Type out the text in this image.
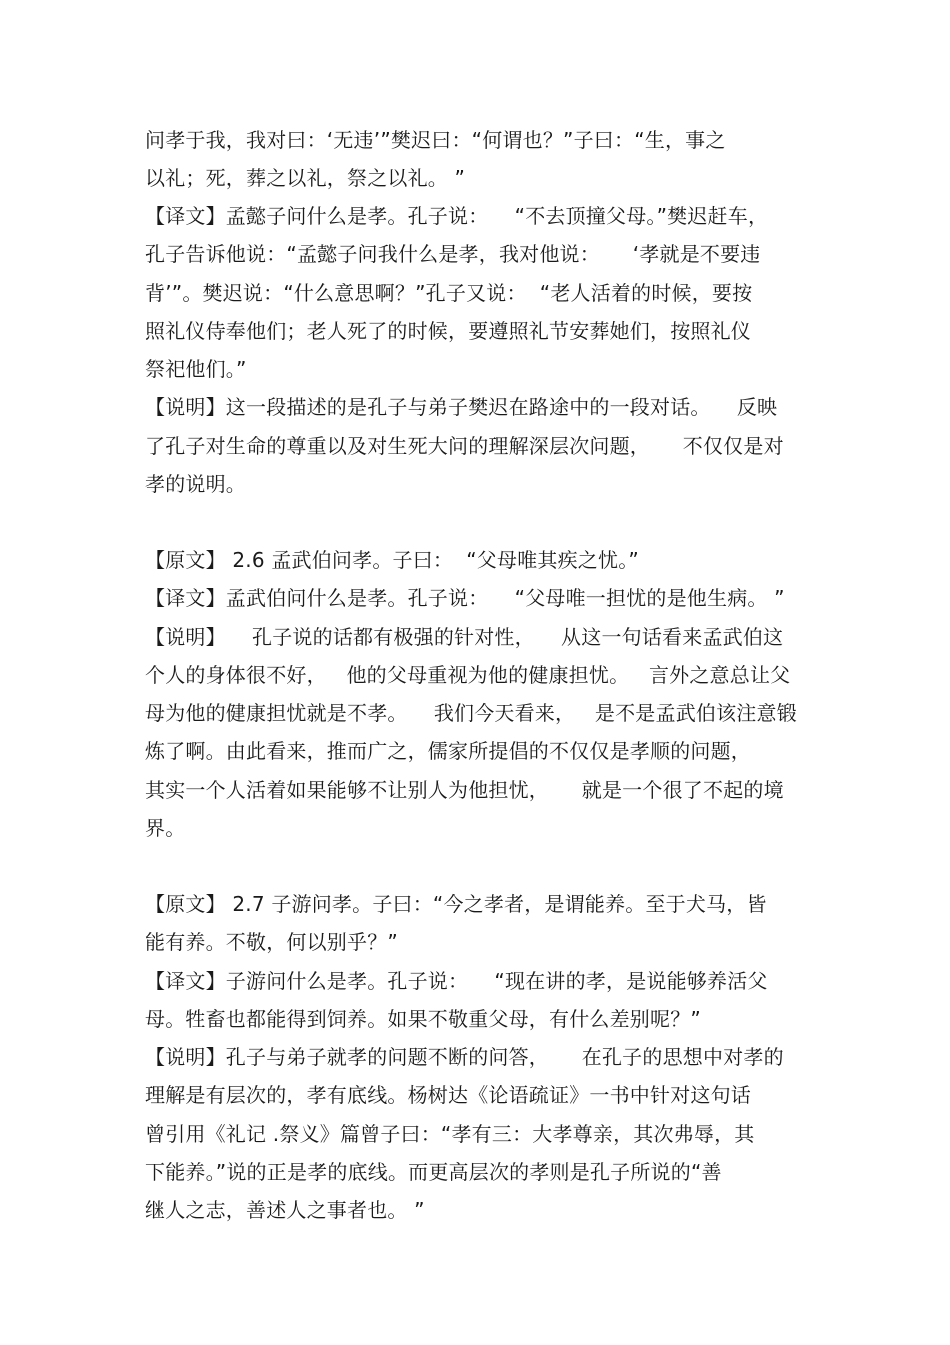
问孝于我，我对曰：‘无违’”樊迟曰：“何谓也？”子曰：“生，事之

以礼；死，葬之以礼，祭之以礼。 ”

【译文】孟懿子问什么是孝。孔子说：    “不去顶撞父母。”樊迟赶车，

孔子告诉他说：“孟懿子问我什么是孝，我对他说：     ‘孝就是不要违

背’”。樊迟说：“什么意思啊？”孔子又说：  “老人活着的时候，要按

照礼仪侍奉他们；老人死了的时候，要遵照礼节安葬她们，按照礼仪

祭祀他们。”

【说明】这一段描述的是孔子与弟子樊迟在路途中的一段对话。    反映

了孔子对生命的尊重以及对生死大问的理解深层次问题，     不仅仅是对

孝的说明。

【原文】 2.6 孟武伯问孝。子曰：  “父母唯其疾之忧。”

【译文】孟武伯问什么是孝。孔子说：    “父母唯一担忧的是他生病。 ”

【说明】    孔子说的话都有极强的针对性，    从这一句话看来孟武伯这

个人的身体很不好，   他的父母重视为他的健康担忧。   言外之意总让父

母为他的健康担忧就是不孝。    我们今天看来，   是不是孟武伯该注意锻

炼了啊。由此看来，推而广之，儒家所提倡的不仅仅是孝顺的问题，

其实一个人活着如果能够不让别人为他担忧，     就是一个很了不起的境

界。

【原文】 2.7 子游问孝。子曰：“今之孝者，是谓能养。至于犬马，皆

能有养。不敬，何以别乎？”

【译文】子游问什么是孝。孔子说：    “现在讲的孝，是说能够养活父

母。牲畜也都能得到饲养。如果不敬重父母，有什么差别呢？”

【说明】孔子与弟子就孝的问题不断的问答，     在孔子的思想中对孝的

理解是有层次的，孝有底线。杨树达《论语疏证》一书中针对这句话

曾引用《礼记 .祭义》篇曾子曰：“孝有三：大孝尊亲，其次弗辱，其

下能养。”说的正是孝的底线。而更高层次的孝则是孔子所说的“善

继人之志，善述人之事者也。 ”
